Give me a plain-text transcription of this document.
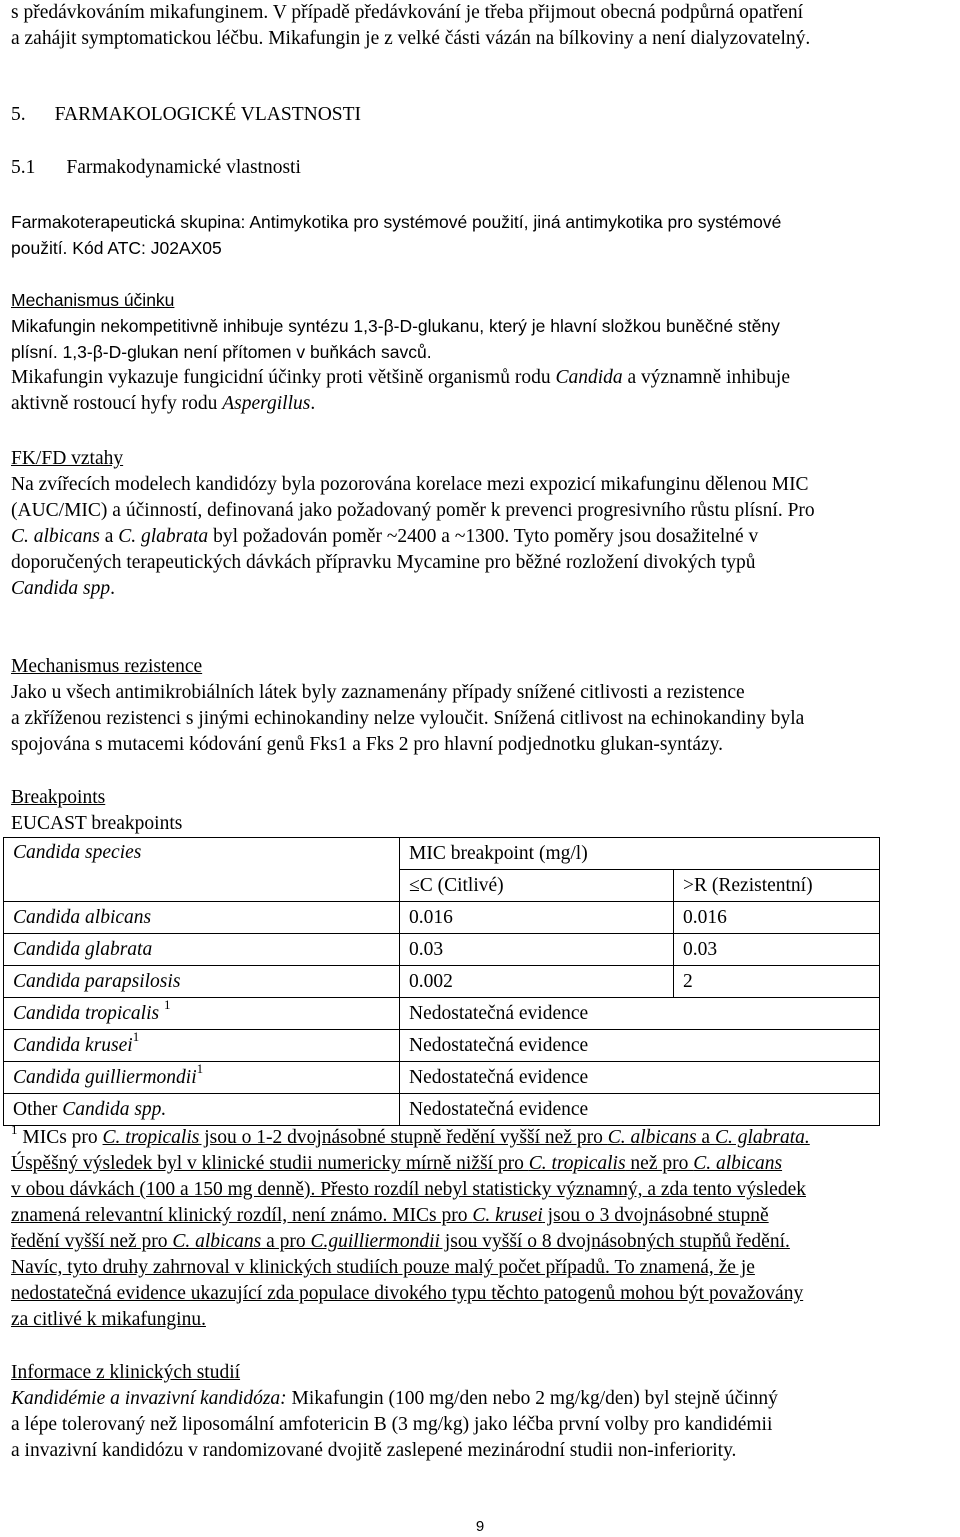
s předávkováním mikafunginem. V případě předávkování je třeba přijmout obecná podpůrná opatření
a zahájit symptomatickou léčbu. Mikafungin je z velké části vázán na bílkoviny a není dialyzovatelný.
5. FARMAKOLOGICKÉ VLASTNOSTI
5.1 Farmakodynamické vlastnosti
Farmakoterapeutická skupina: Antimykotika pro systémové použití, jiná antimykotika pro systémové
použití. Kód ATC: J02AX05
Mechanismus účinku
Mikafungin nekompetitivně inhibuje syntézu 1,3-β-D-glukanu, který je hlavní složkou buněčné stěny
plísní. 1,3-β-D-glukan není přítomen v buňkách savců.
Mikafungin vykazuje fungicidní účinky proti většině organismů rodu Candida a významně inhibuje
aktivně rostoucí hyfy rodu Aspergillus.
FK/FD vztahy
Na zvířecích modelech kandidózy byla pozorována korelace mezi expozicí mikafunginu dělenou MIC
(AUC/MIC) a účinností, definovaná jako požadovaný poměr k prevenci progresivního růstu plísní. Pro
C. albicans a C. glabrata byl požadován poměr ~2400 a ~1300. Tyto poměry jsou dosažitelné v
doporučených terapeutických dávkách přípravku Mycamine pro běžné rozložení divokých typů
Candida spp.
Mechanismus rezistence
Jako u všech antimikrobiálních látek byly zaznamenány případy snížené citlivosti a rezistence
a zkříženou rezistenci s jinými echinokandiny nelze vyloučit. Snížená citlivost na echinokandiny byla
spojována s mutacemi kódování genů Fks1 a Fks 2 pro hlavní podjednotku glukan-syntázy.
Breakpoints
EUCAST breakpoints
Candida species	MIC breakpoint (mg/l)	
	≤C (Citlivé)	>R (Rezistentní)
Candida albicans	0.016	0.016
Candida glabrata	0.03	0.03
Candida parapsilosis	0.002	2
Candida tropicalis $^1$	Nedostatečná evidence	
Candida krusei$^1$	Nedostatečná evidence	
Candida guilliermondii$^1$	Nedostatečná evidence	
Other Candida spp.	Nedostatečná evidence	
$^1$ MICs pro C. tropicalis jsou o 1-2 dvojnásobné stupně ředění vyšší než pro C. albicans a C. glabrata.
Úspěšný výsledek byl v klinické studii numericky mírně nižší pro C. tropicalis než pro C. albicans
v obou dávkách (100 a 150 mg denně). Přesto rozdíl nebyl statisticky významný, a zda tento výsledek
znamená relevantní klinický rozdíl, není známo. MICs pro C. krusei jsou o 3 dvojnásobné stupně
ředění vyšší než pro C. albicans a pro C.guilliermondii jsou vyšší o 8 dvojnásobných stupňů ředění.
Navíc, tyto druhy zahrnoval v klinických studiích pouze malý počet případů. To znamená, že je
nedostatečná evidence ukazující zda populace divokého typu těchto patogenů mohou být považovány
za citlivé k mikafunginu.
Informace z klinických studií
Kandidémie a invazivní kandidóza: Mikafungin (100 mg/den nebo 2 mg/kg/den) byl stejně účinný
a lépe tolerovaný než liposomální amfotericin B (3 mg/kg) jako léčba první volby pro kandidémii
a invazivní kandidózu v randomizované dvojitě zaslepené mezinárodní studii non-inferiority.
9
